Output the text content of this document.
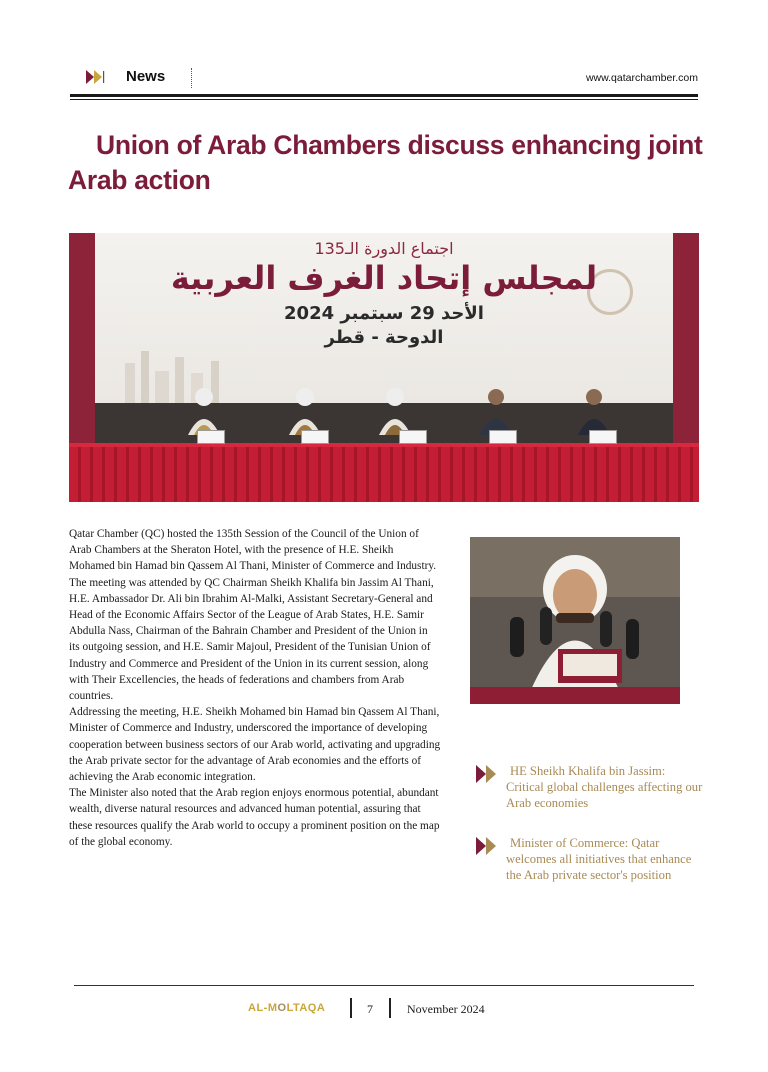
News	www.qatarchamber.com
Union of Arab Chambers discuss enhancing joint Arab action
اجتماع الدورة الـ135
لمجلس إتحاد الغرف العربية
الأحد 29 سبتمبر 2024
الدوحة - قطر

Qatar Chamber (QC) hosted the 135th Session of the Council of the Union of Arab Chambers at the Sheraton Hotel, with the presence of H.E. Sheikh Mohamed bin Hamad bin Qassem Al Thani, Minister of Commerce and Industry.

The meeting was attended by QC Chairman Sheikh Khalifa bin Jassim Al Thani, H.E. Ambassador Dr. Ali bin Ibrahim Al-Malki, Assistant Secretary-General and Head of the Economic Affairs Sector of the League of Arab States, H.E. Samir Abdulla Nass, Chairman of the Bahrain Chamber and President of the Union in its outgoing session, and H.E. Samir Majoul, President of the Tunisian Union of Industry and Commerce and President of the Union in its current session, along with Their Excellencies, the heads of federations and chambers from Arab countries.

Addressing the meeting, H.E. Sheikh Mohamed bin Hamad bin Qassem Al Thani, Minister of Commerce and Industry, underscored the importance of developing cooperation between business sectors of our Arab world, activating and upgrading the Arab private sector for the advantage of Arab economies and the efforts of achieving the Arab economic integration.

The Minister also noted that the Arab region enjoys enormous potential, abundant wealth, diverse natural resources and advanced human potential, assuring that these resources qualify the Arab world to occupy a prominent position on the map of the global economy.

HE Sheikh Khalifa bin Jassim: Critical global challenges affecting our Arab economies
Minister of Commerce: Qatar welcomes all initiatives that enhance the Arab private sector's position
AL-MOLTAQA	7	November 2024
